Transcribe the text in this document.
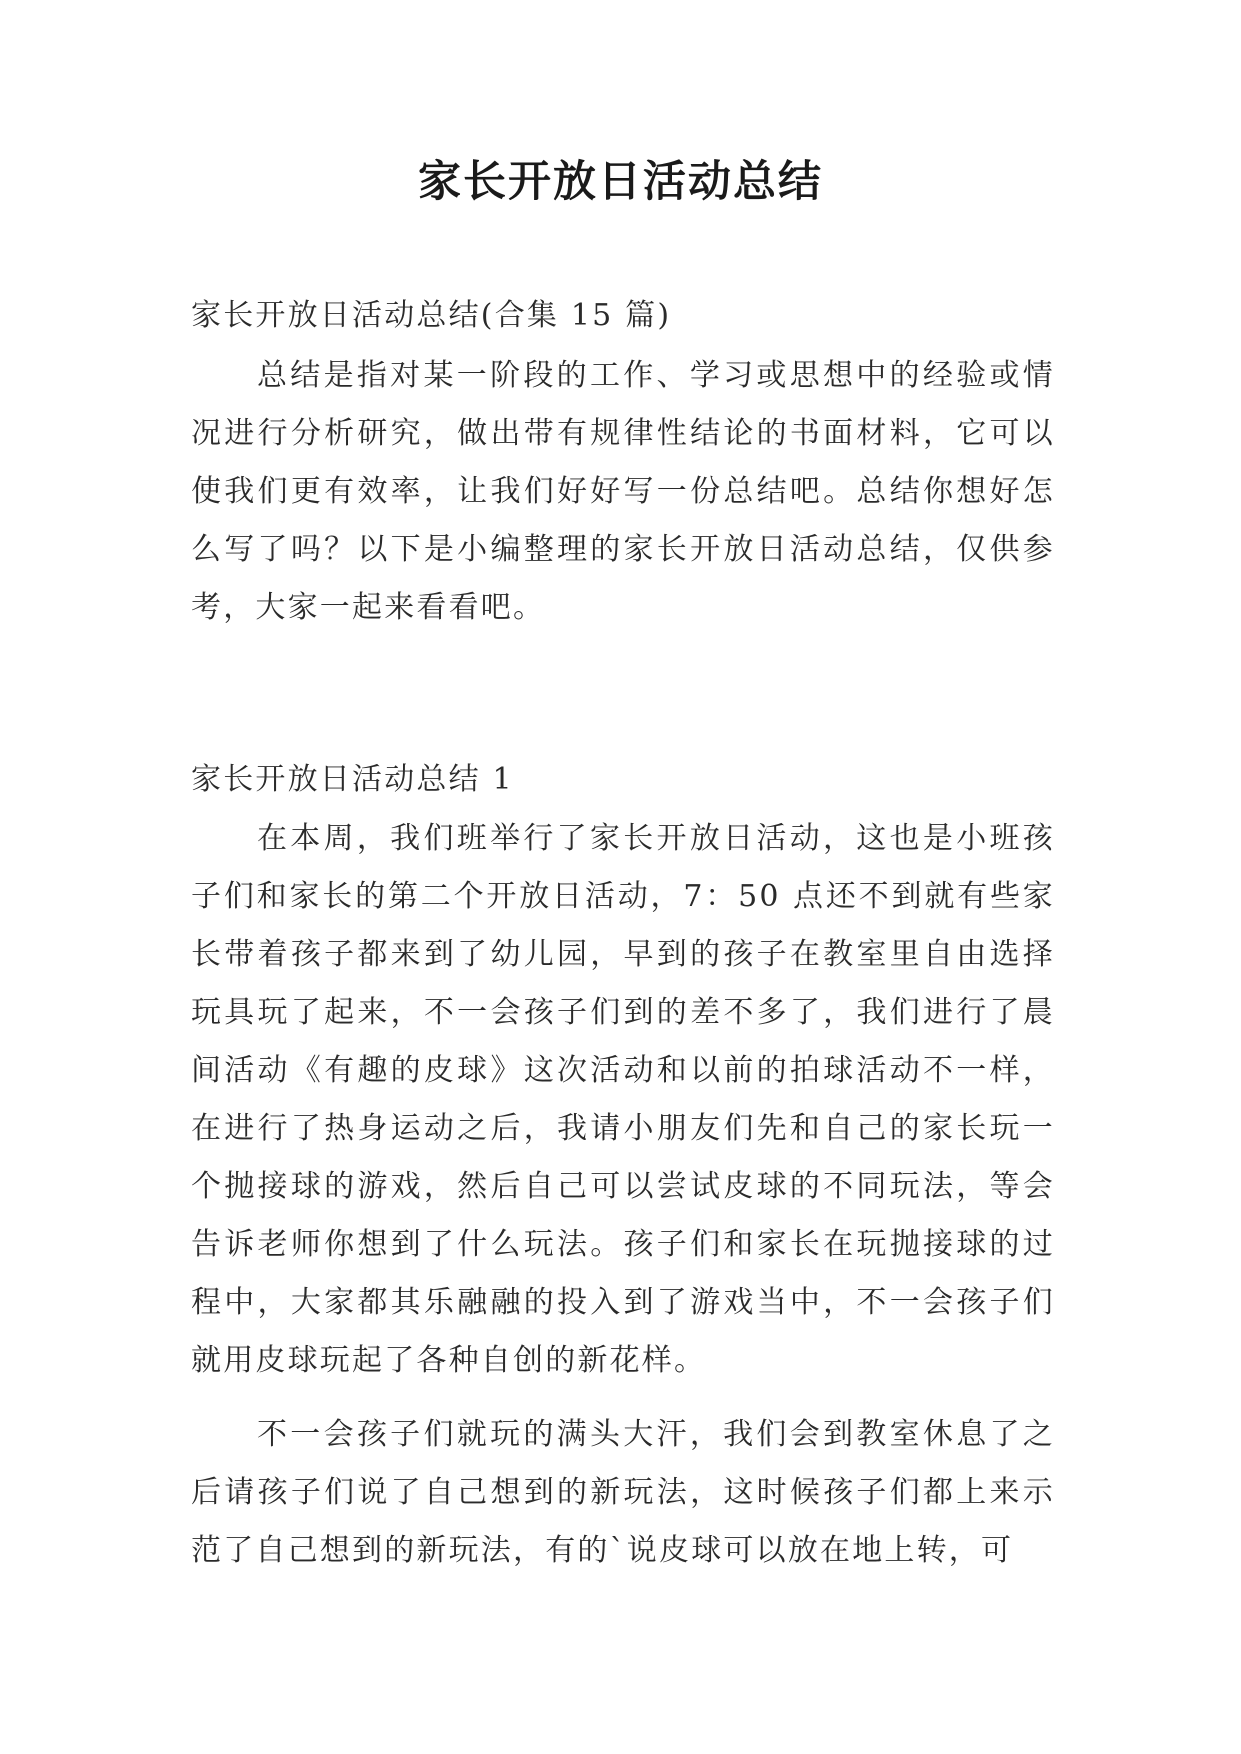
家长开放日活动总结
家长开放日活动总结(合集 15 篇)

总结是指对某一阶段的工作、学习或思想中的经验或情况进行分析研究，做出带有规律性结论的书面材料，它可以使我们更有效率，让我们好好写一份总结吧。总结你想好怎么写了吗？以下是小编整理的家长开放日活动总结，仅供参考，大家一起来看看吧。

家长开放日活动总结 1

在本周，我们班举行了家长开放日活动，这也是小班孩子们和家长的第二个开放日活动，7：50 点还不到就有些家长带着孩子都来到了幼儿园，早到的孩子在教室里自由选择玩具玩了起来，不一会孩子们到的差不多了，我们进行了晨间活动《有趣的皮球》这次活动和以前的拍球活动不一样，在进行了热身运动之后，我请小朋友们先和自己的家长玩一个抛接球的游戏，然后自己可以尝试皮球的不同玩法，等会告诉老师你想到了什么玩法。孩子们和家长在玩抛接球的过程中，大家都其乐融融的投入到了游戏当中，不一会孩子们就用皮球玩起了各种自创的新花样。

不一会孩子们就玩的满头大汗，我们会到教室休息了之后请孩子们说了自己想到的新玩法，这时候孩子们都上来示范了自己想到的新玩法，有的`说皮球可以放在地上转，可
